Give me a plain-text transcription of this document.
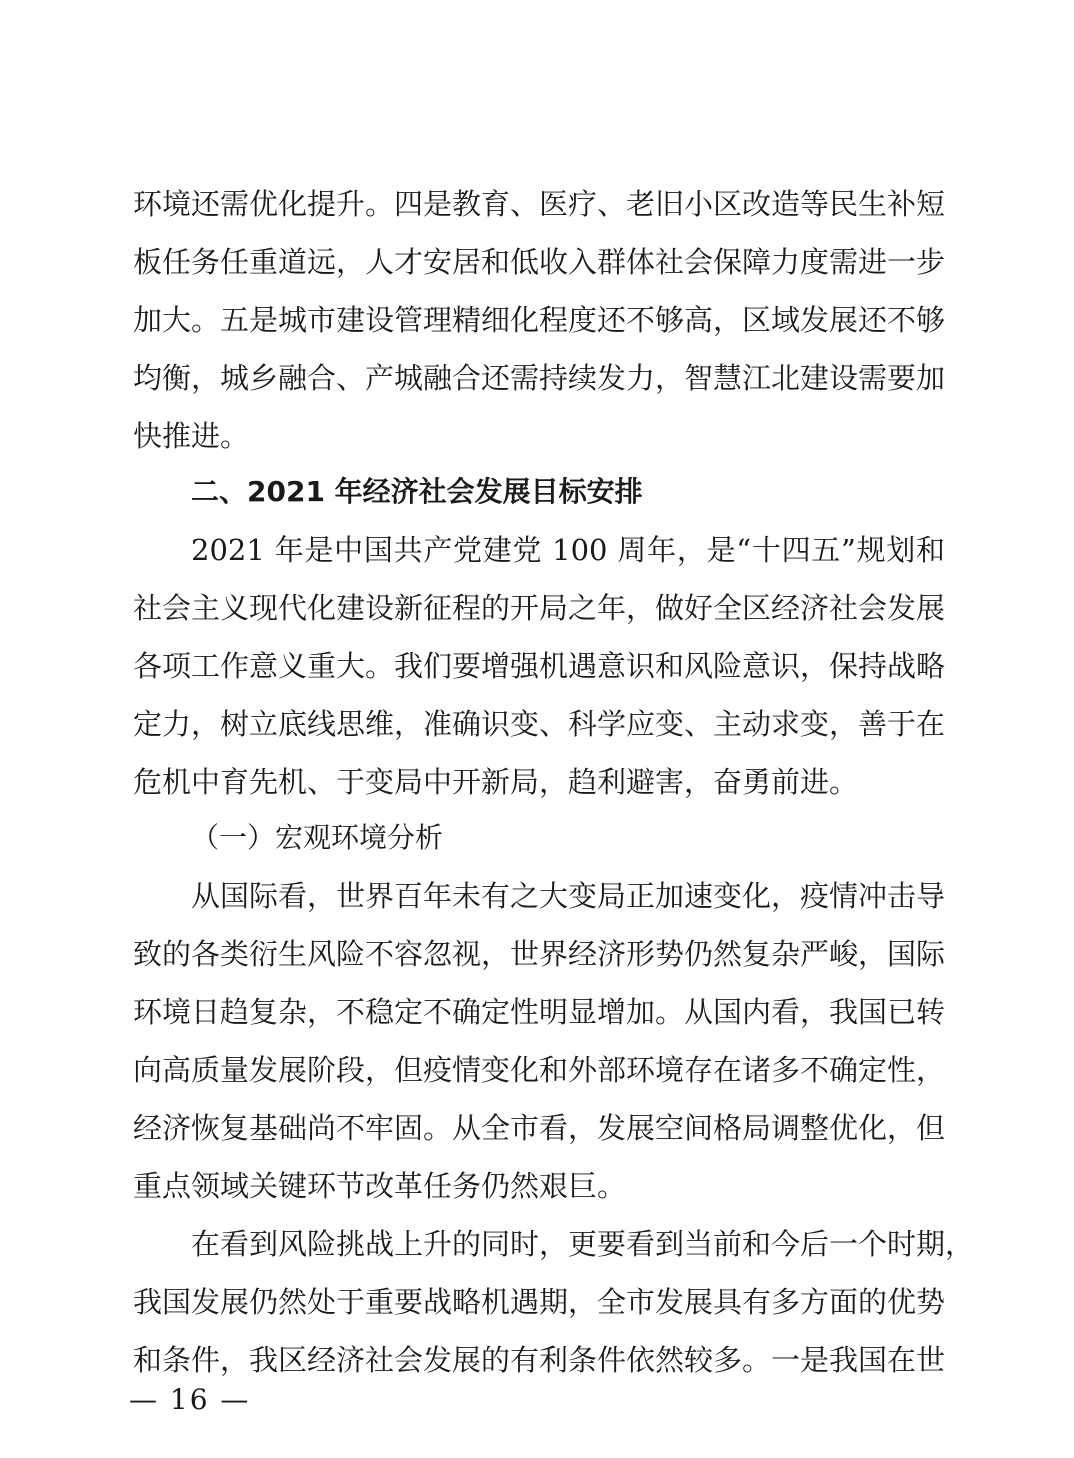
环境还需优化提升。四是教育、医疗、老旧小区改造等民生补短
板任务任重道远，人才安居和低收入群体社会保障力度需进一步
加大。五是城市建设管理精细化程度还不够高，区域发展还不够
均衡，城乡融合、产城融合还需持续发力，智慧江北建设需要加
快推进。
二、2021 年经济社会发展目标安排
2021 年是中国共产党建党 100 周年，是“十四五”规划和
社会主义现代化建设新征程的开局之年，做好全区经济社会发展
各项工作意义重大。我们要增强机遇意识和风险意识，保持战略
定力，树立底线思维，准确识变、科学应变、主动求变，善于在
危机中育先机、于变局中开新局，趋利避害，奋勇前进。
（一）宏观环境分析
从国际看，世界百年未有之大变局正加速变化，疫情冲击导
致的各类衍生风险不容忽视，世界经济形势仍然复杂严峻，国际
环境日趋复杂，不稳定不确定性明显增加。从国内看，我国已转
向高质量发展阶段，但疫情变化和外部环境存在诸多不确定性，
经济恢复基础尚不牢固。从全市看，发展空间格局调整优化，但
重点领域关键环节改革任务仍然艰巨。
在看到风险挑战上升的同时，更要看到当前和今后一个时期，
我国发展仍然处于重要战略机遇期，全市发展具有多方面的优势
和条件，我区经济社会发展的有利条件依然较多。一是我国在世
— 16 —
